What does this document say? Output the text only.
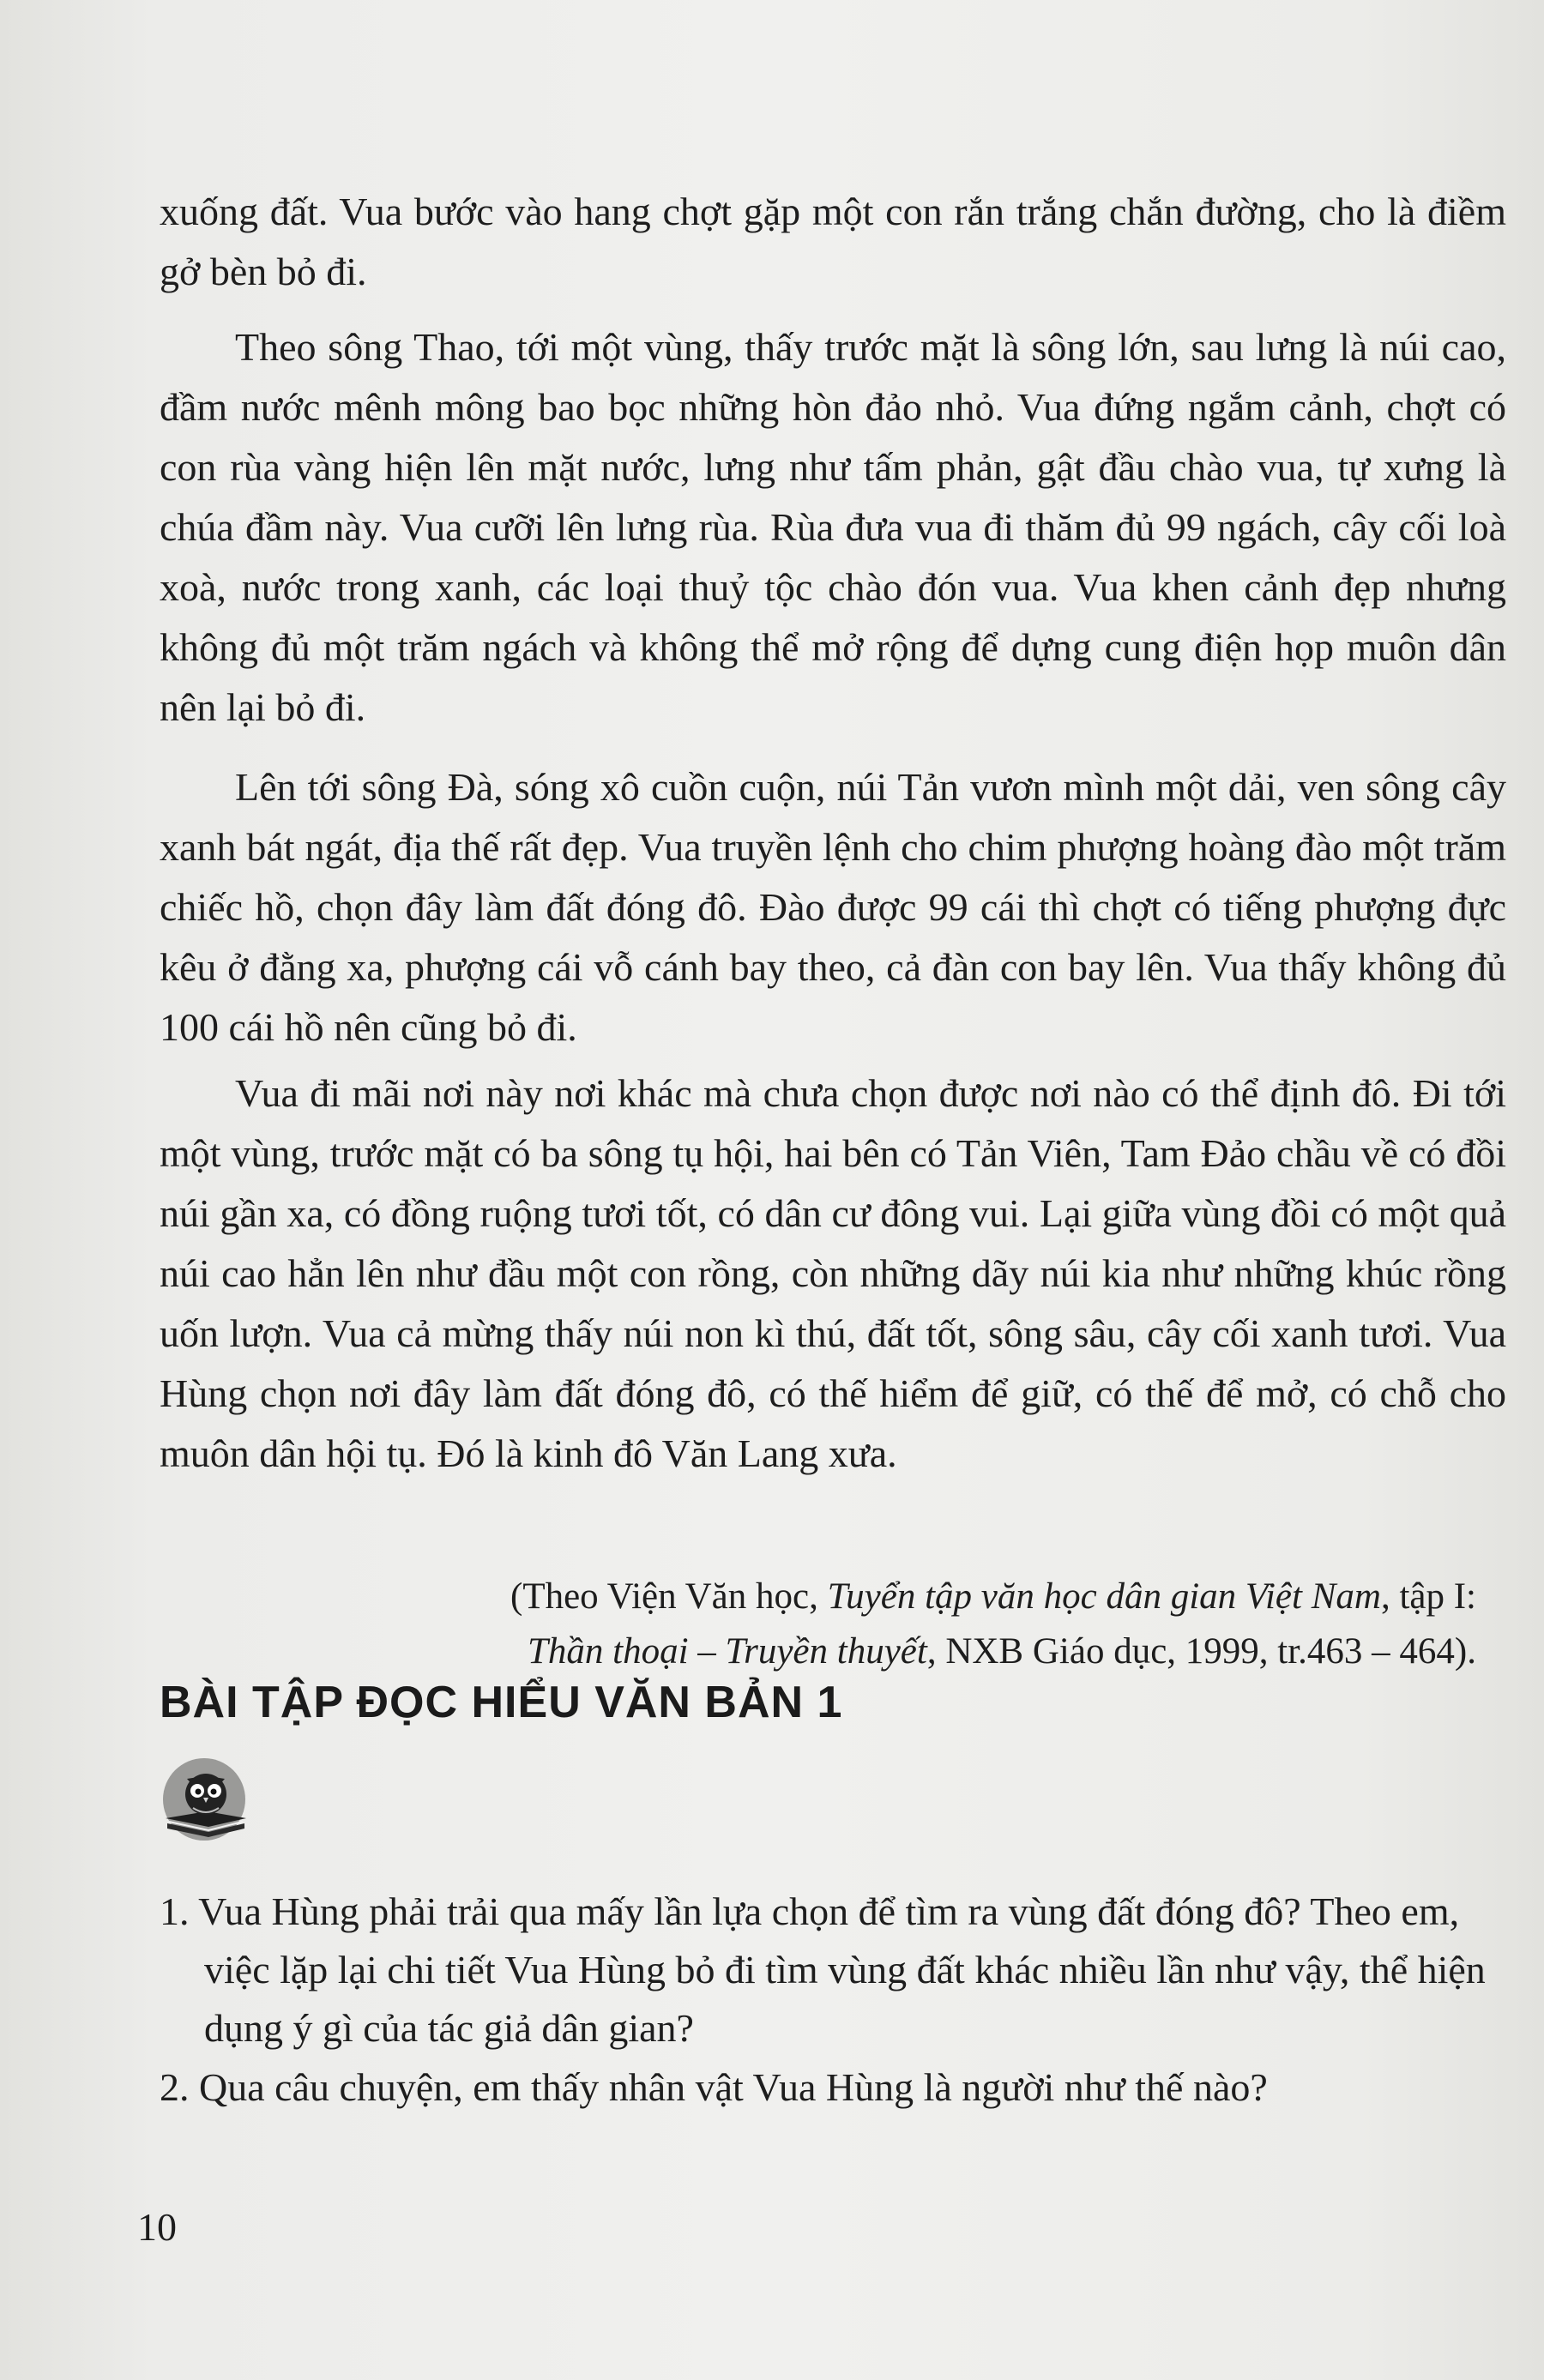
xuống đất. Vua bước vào hang chợt gặp một con rắn trắng chắn đường, cho là điềm gở bèn bỏ đi.

Theo sông Thao, tới một vùng, thấy trước mặt là sông lớn, sau lưng là núi cao, đầm nước mênh mông bao bọc những hòn đảo nhỏ. Vua đứng ngắm cảnh, chợt có con rùa vàng hiện lên mặt nước, lưng như tấm phản, gật đầu chào vua, tự xưng là chúa đầm này. Vua cưỡi lên lưng rùa. Rùa đưa vua đi thăm đủ 99 ngách, cây cối loà xoà, nước trong xanh, các loại thuỷ tộc chào đón vua. Vua khen cảnh đẹp nhưng không đủ một trăm ngách và không thể mở rộng để dựng cung điện họp muôn dân nên lại bỏ đi.

Lên tới sông Đà, sóng xô cuồn cuộn, núi Tản vươn mình một dải, ven sông cây xanh bát ngát, địa thế rất đẹp. Vua truyền lệnh cho chim phượng hoàng đào một trăm chiếc hồ, chọn đây làm đất đóng đô. Đào được 99 cái thì chợt có tiếng phượng đực kêu ở đằng xa, phượng cái vỗ cánh bay theo, cả đàn con bay lên. Vua thấy không đủ 100 cái hồ nên cũng bỏ đi.

Vua đi mãi nơi này nơi khác mà chưa chọn được nơi nào có thể định đô. Đi tới một vùng, trước mặt có ba sông tụ hội, hai bên có Tản Viên, Tam Đảo chầu về có đồi núi gần xa, có đồng ruộng tươi tốt, có dân cư đông vui. Lại giữa vùng đồi có một quả núi cao hẳn lên như đầu một con rồng, còn những dãy núi kia như những khúc rồng uốn lượn. Vua cả mừng thấy núi non kì thú, đất tốt, sông sâu, cây cối xanh tươi. Vua Hùng chọn nơi đây làm đất đóng đô, có thế hiểm để giữ, có thế để mở, có chỗ cho muôn dân hội tụ. Đó là kinh đô Văn Lang xưa.

(Theo Viện Văn học, Tuyển tập văn học dân gian Việt Nam, tập I:
Thần thoại – Truyền thuyết, NXB Giáo dục, 1999, tr.463 – 464).

BÀI TẬP ĐỌC HIỂU VĂN BẢN 1

1. Vua Hùng phải trải qua mấy lần lựa chọn để tìm ra vùng đất đóng đô? Theo em, việc lặp lại chi tiết Vua Hùng bỏ đi tìm vùng đất khác nhiều lần như vậy, thể hiện dụng ý gì của tác giả dân gian?

2. Qua câu chuyện, em thấy nhân vật Vua Hùng là người như thế nào?

10
